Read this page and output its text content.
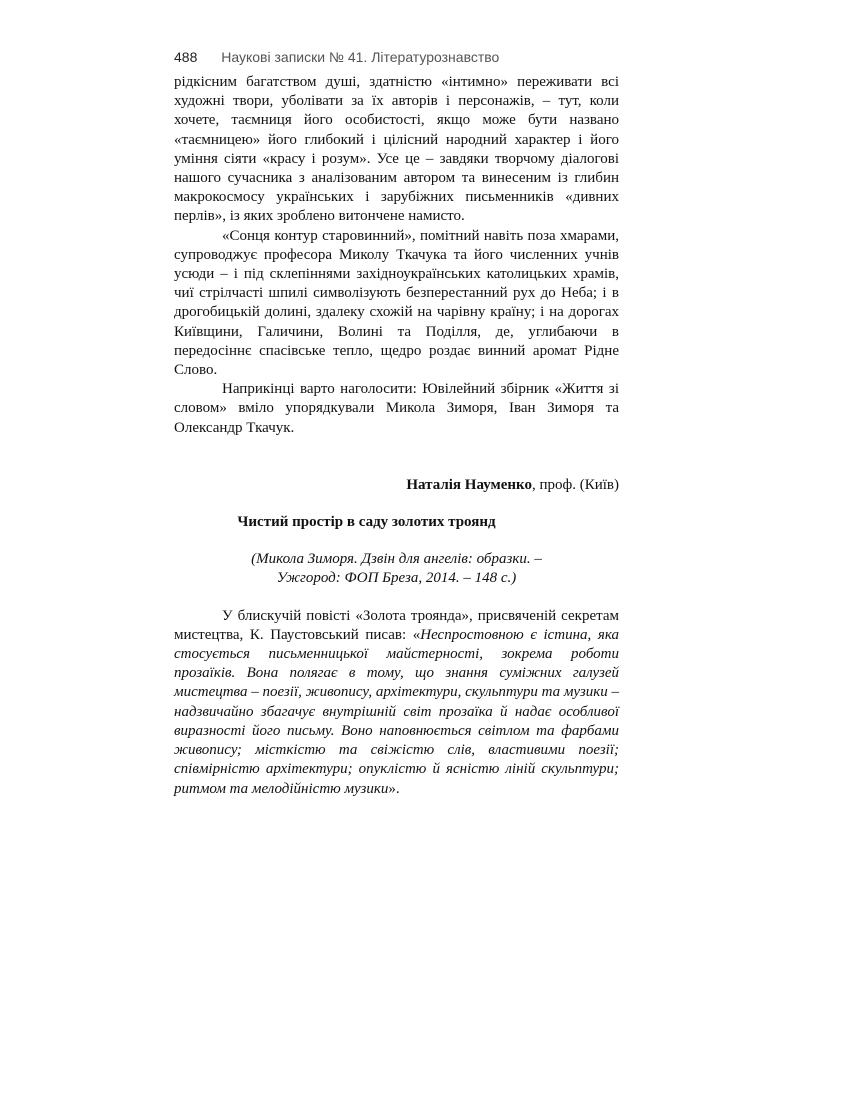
488 Наукові записки № 41. Літературознавство

рідкісним багатством душі, здатністю «інтимно» переживати всі художні твори, уболівати за їх авторів і персонажів, – тут, коли хочете, таємниця його особистості, якщо може бути названо «таємницею» його глибокий і цілісний народний характер і його уміння сіяти «красу і розум». Усе це – завдяки творчому діалогові нашого сучасника з аналізованим автором та винесеним із глибин макрокосмосу українських і зарубіжних письменників «дивних перлів», із яких зроблено витончене намисто.

«Сонця контур старовинний», помітний навіть поза хмарами, супроводжує професора Миколу Ткачука та його численних учнів усюди – і під склепіннями західноукраїнських католицьких храмів, чиї стрілчасті шпилі символізують безперестанний рух до Неба; і в дрогобицькій долині, здалеку схожій на чарівну країну; і на дорогах Київщини, Галичини, Волині та Поділля, де, углибаючи в передосіннє спасівське тепло, щедро роздає винний аромат Рідне Слово.

Наприкінці варто наголосити: Ювілейний збірник «Життя зі словом» вміло упорядкували Микола Зиморя, Іван Зиморя та Олександр Ткачук.

Наталія Науменко, проф. (Київ)

Чистий простір в саду золотих троянд

(Микола Зиморя. Дзвін для ангелів: образки. –
Ужгород: ФОП Бреза, 2014. – 148 с.)

У блискучій повісті «Золота троянда», присвяченій секретам мистецтва, К. Паустовський писав: «Неспростовною є істина, яка стосується письменницької майстерності, зокрема роботи прозаїків. Вона полягає в тому, що знання суміжних галузей мистецтва – поезії, живопису, архітектури, скульптури та музики – надзвичайно збагачує внутрішній світ прозаїка й надає особливої виразності його письму. Воно наповнюється світлом та фарбами живопису; місткістю та свіжістю слів, властивими поезії; співмірністю архітектури; опуклістю й ясністю ліній скульптури; ритмом та мелодійністю музики».
